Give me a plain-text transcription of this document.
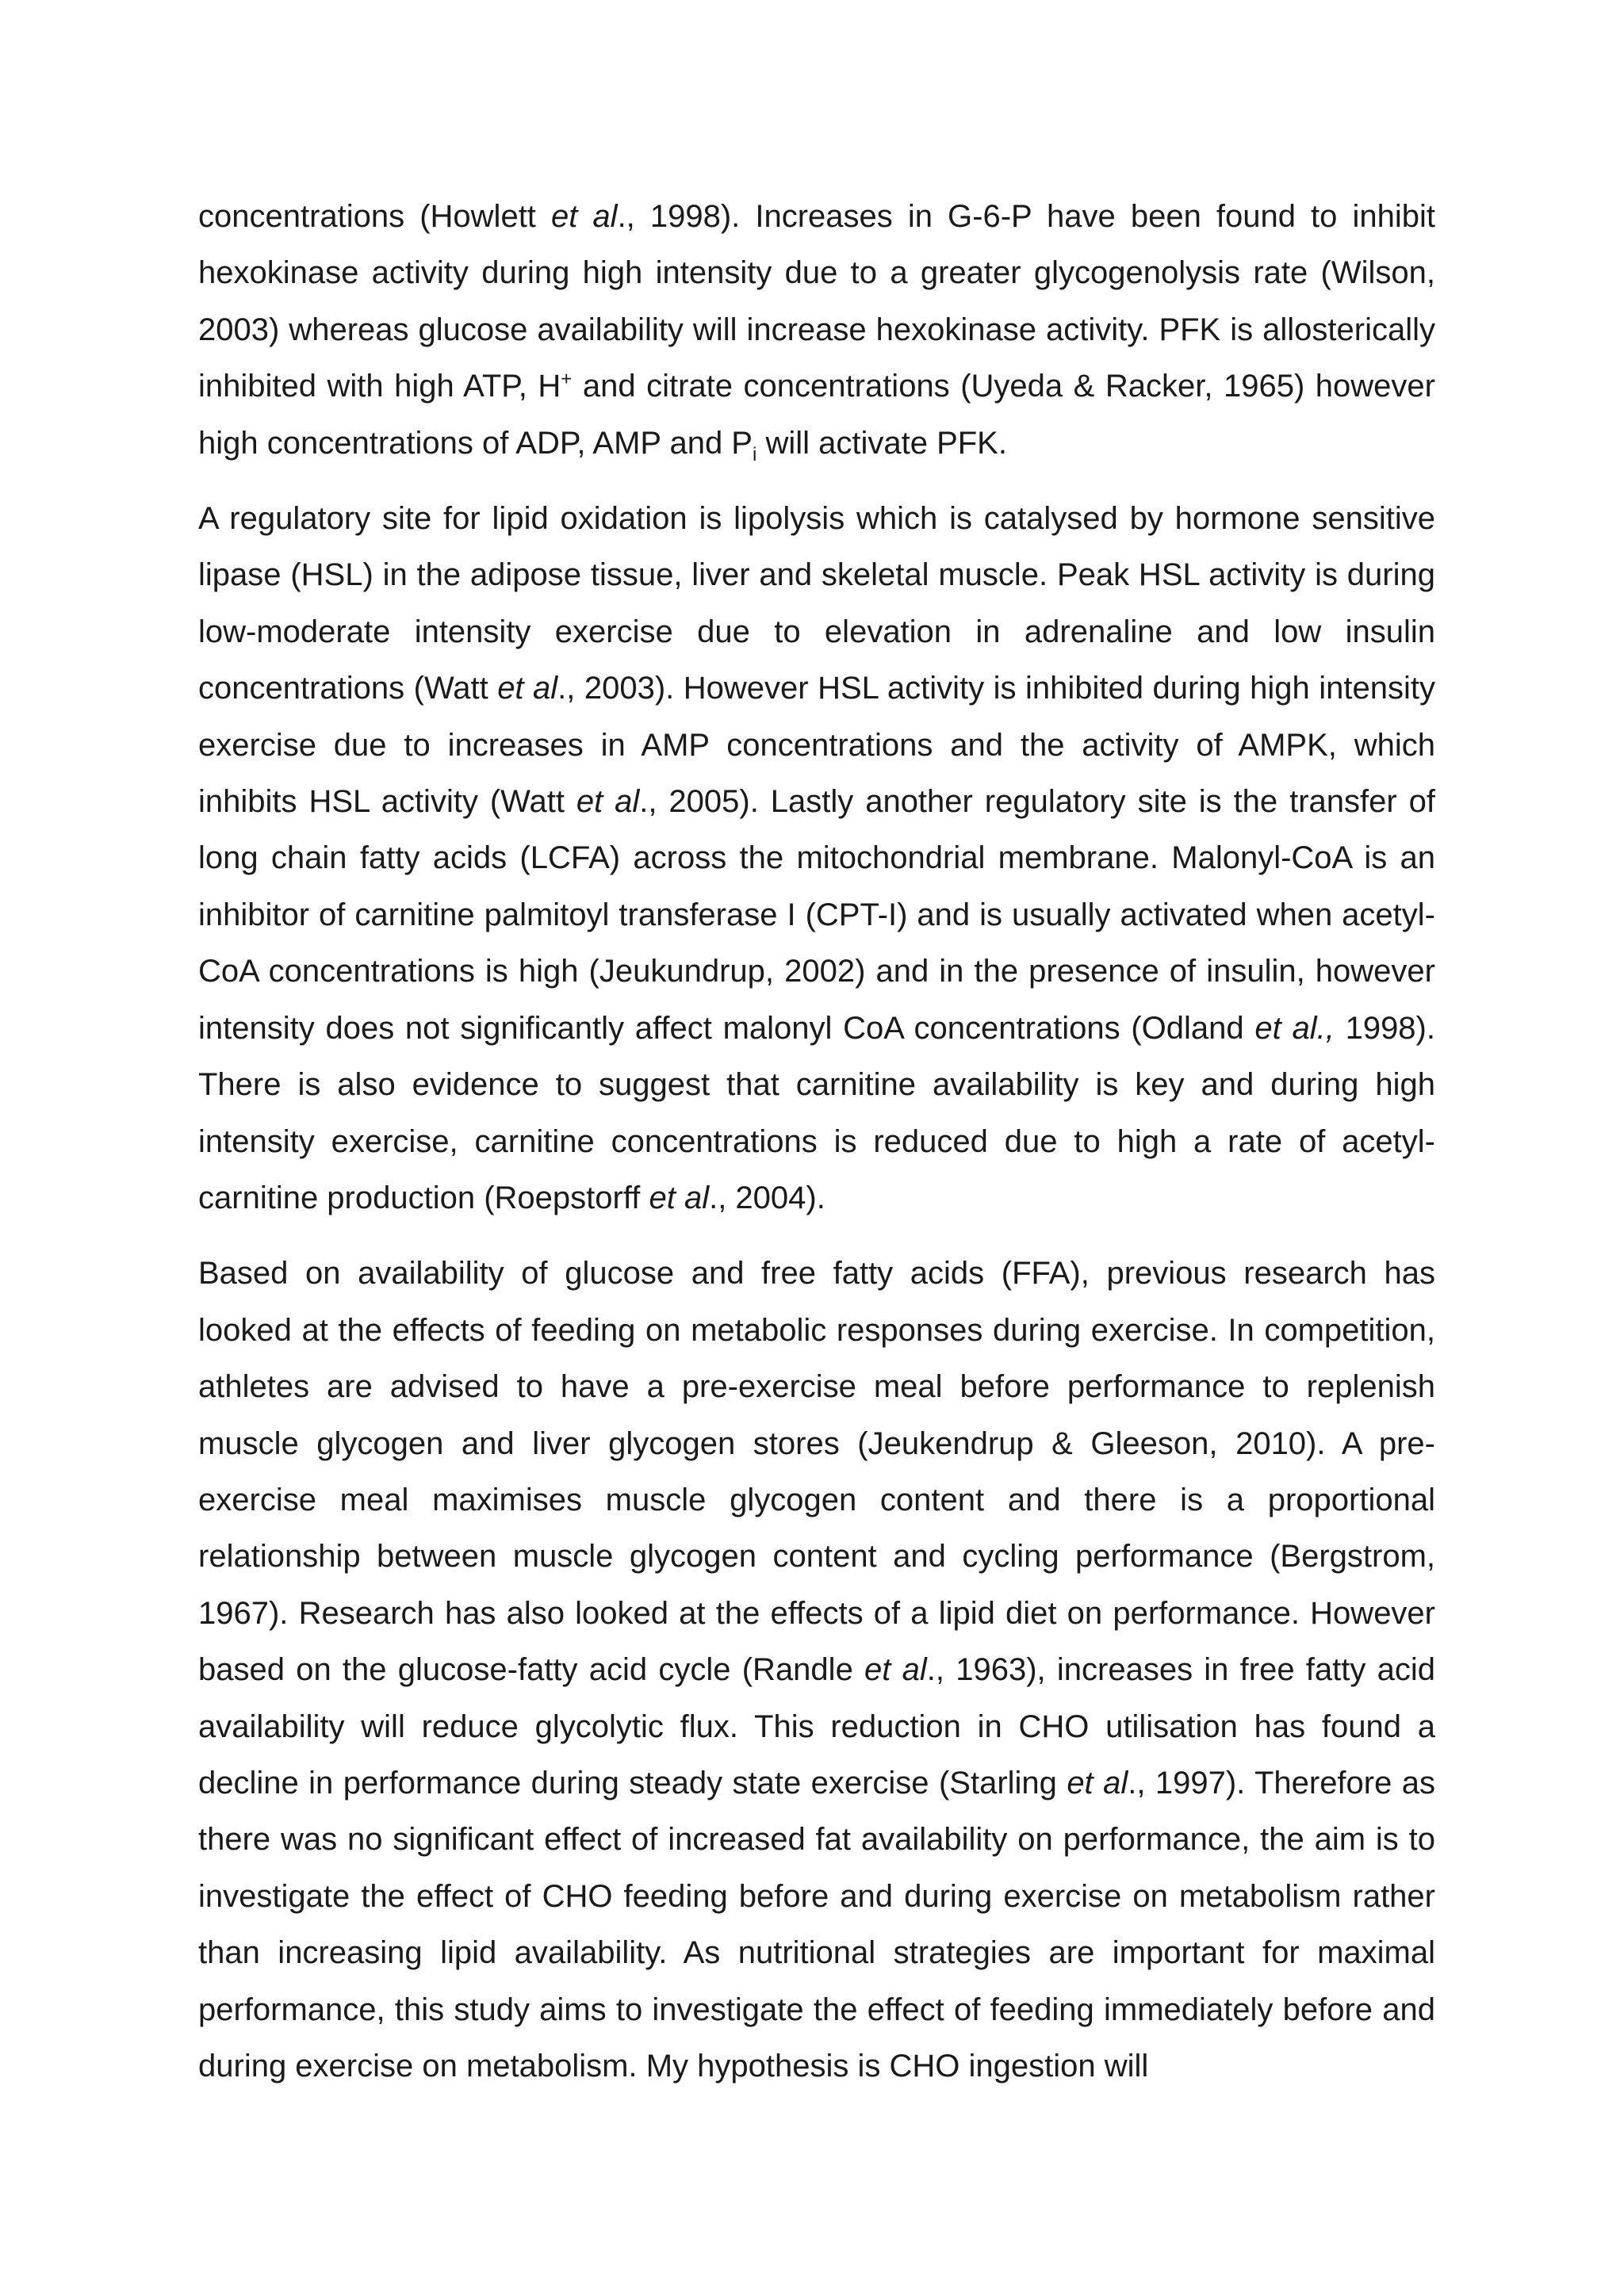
concentrations (Howlett et al., 1998). Increases in G-6-P have been found to inhibit hexokinase activity during high intensity due to a greater glycogenolysis rate (Wilson, 2003) whereas glucose availability will increase hexokinase activity. PFK is allosterically inhibited with high ATP, H+ and citrate concentrations (Uyeda & Racker, 1965) however high concentrations of ADP, AMP and $P_i$ will activate PFK.

A regulatory site for lipid oxidation is lipolysis which is catalysed by hormone sensitive lipase (HSL) in the adipose tissue, liver and skeletal muscle. Peak HSL activity is during low-moderate intensity exercise due to elevation in adrenaline and low insulin concentrations (Watt et al., 2003). However HSL activity is inhibited during high intensity exercise due to increases in AMP concentrations and the activity of AMPK, which inhibits HSL activity (Watt et al., 2005). Lastly another regulatory site is the transfer of long chain fatty acids (LCFA) across the mitochondrial membrane. Malonyl-CoA is an inhibitor of carnitine palmitoyl transferase I (CPT-I) and is usually activated when acetyl-CoA concentrations is high (Jeukundrup, 2002) and in the presence of insulin, however intensity does not significantly affect malonyl CoA concentrations (Odland et al., 1998). There is also evidence to suggest that carnitine availability is key and during high intensity exercise, carnitine concentrations is reduced due to high a rate of acetyl-carnitine production (Roepstorff et al., 2004).

Based on availability of glucose and free fatty acids (FFA), previous research has looked at the effects of feeding on metabolic responses during exercise. In competition, athletes are advised to have a pre-exercise meal before performance to replenish muscle glycogen and liver glycogen stores (Jeukendrup & Gleeson, 2010). A pre-exercise meal maximises muscle glycogen content and there is a proportional relationship between muscle glycogen content and cycling performance (Bergstrom, 1967). Research has also looked at the effects of a lipid diet on performance. However based on the glucose-fatty acid cycle (Randle et al., 1963), increases in free fatty acid availability will reduce glycolytic flux. This reduction in CHO utilisation has found a decline in performance during steady state exercise (Starling et al., 1997). Therefore as there was no significant effect of increased fat availability on performance, the aim is to investigate the effect of CHO feeding before and during exercise on metabolism rather than increasing lipid availability. As nutritional strategies are important for maximal performance, this study aims to investigate the effect of feeding immediately before and during exercise on metabolism. My hypothesis is CHO ingestion will
